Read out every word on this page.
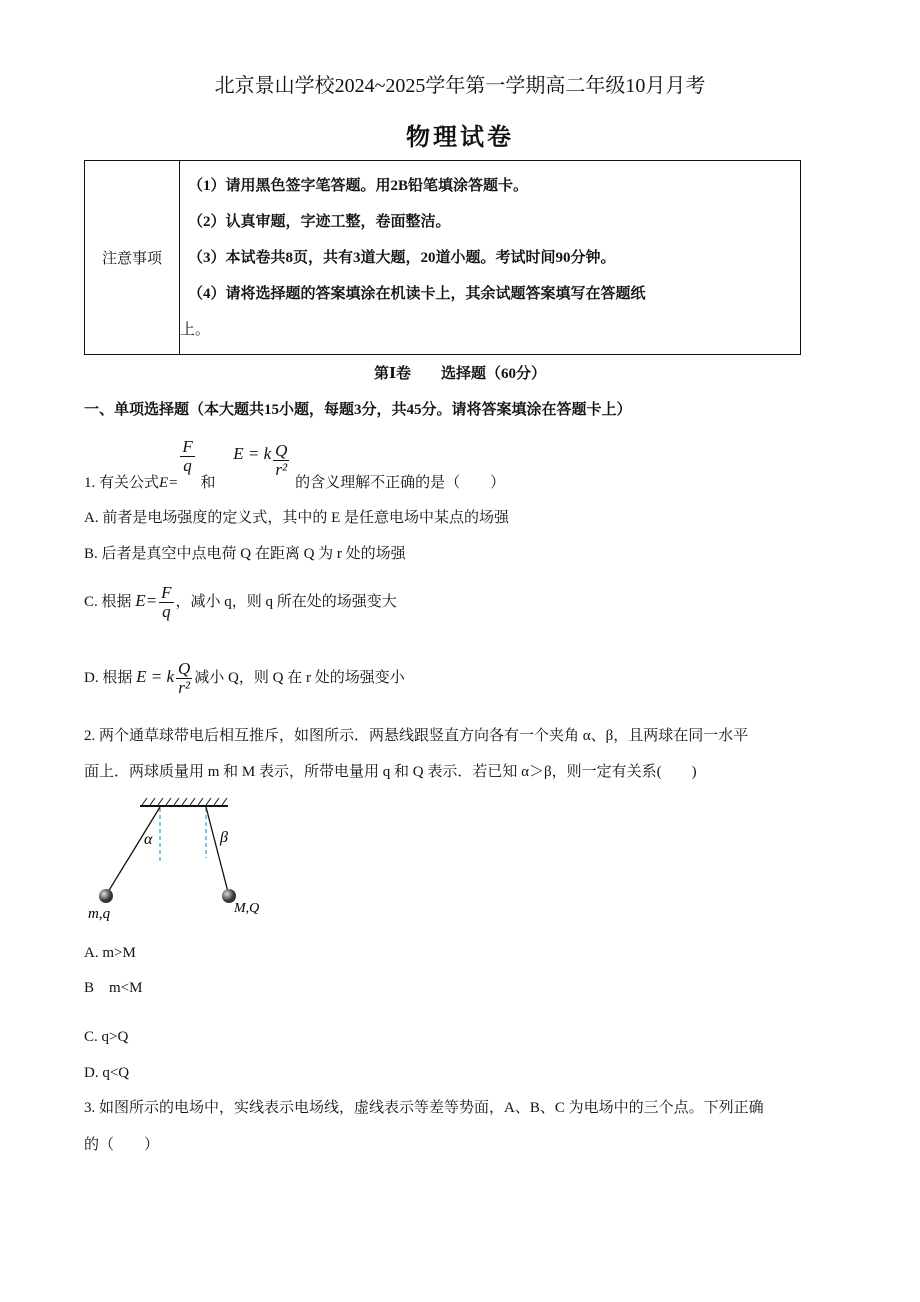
北京景山学校2024~2025学年第一学期高二年级10月月考
物理试卷
注意事项	
（1）请用黑色签字笔答题。用2B铅笔填涂答题卡。
（2）认真审题，字迹工整，卷面整洁。
（3）本试卷共8页，共有3道大题，20道小题。考试时间90分钟。
（4）请将选择题的答案填涂在机读卡上，其余试题答案填写在答题纸
上。
第Ⅰ卷　　选择题（60分）
一、单项选择题（本大题共15小题，每题3分，共45分。请将答案填涂在答题卡上）
1. 有关公式E=
$\frac{F}{q}$
和 E = k $\frac{Q}{\text{r²}}$
的含义理解不正确的是（　　）
A. 前者是电场强度的定义式，其中的 E 是任意电场中某点的场强
B. 后者是真空中点电荷 Q 在距离 Q 为 r 处的场强
C. 根据 $E= \frac{F}{q}$ ，减小 q，则 q 所在处的场强变大
D. 根据 E = k $\frac{Q}{\text{r²}}$ 减小 Q，则 Q 在 r 处的场强变小
2. 两个通草球带电后相互推斥，如图所示．两悬线跟竖直方向各有一个夹角 α、β，且两球在同一水平
面上．两球质量用 m 和 M 表示，所带电量用 q 和 Q 表示．若已知 α＞β，则一定有关系(　　)
α	β
m,q	M,Q
A. m>M
B　m<M
C. q>Q
D. q<Q
3. 如图所示的电场中，实线表示电场线，虚线表示等差等势面，A、B、C 为电场中的三个点。下列正确
的（　　）
